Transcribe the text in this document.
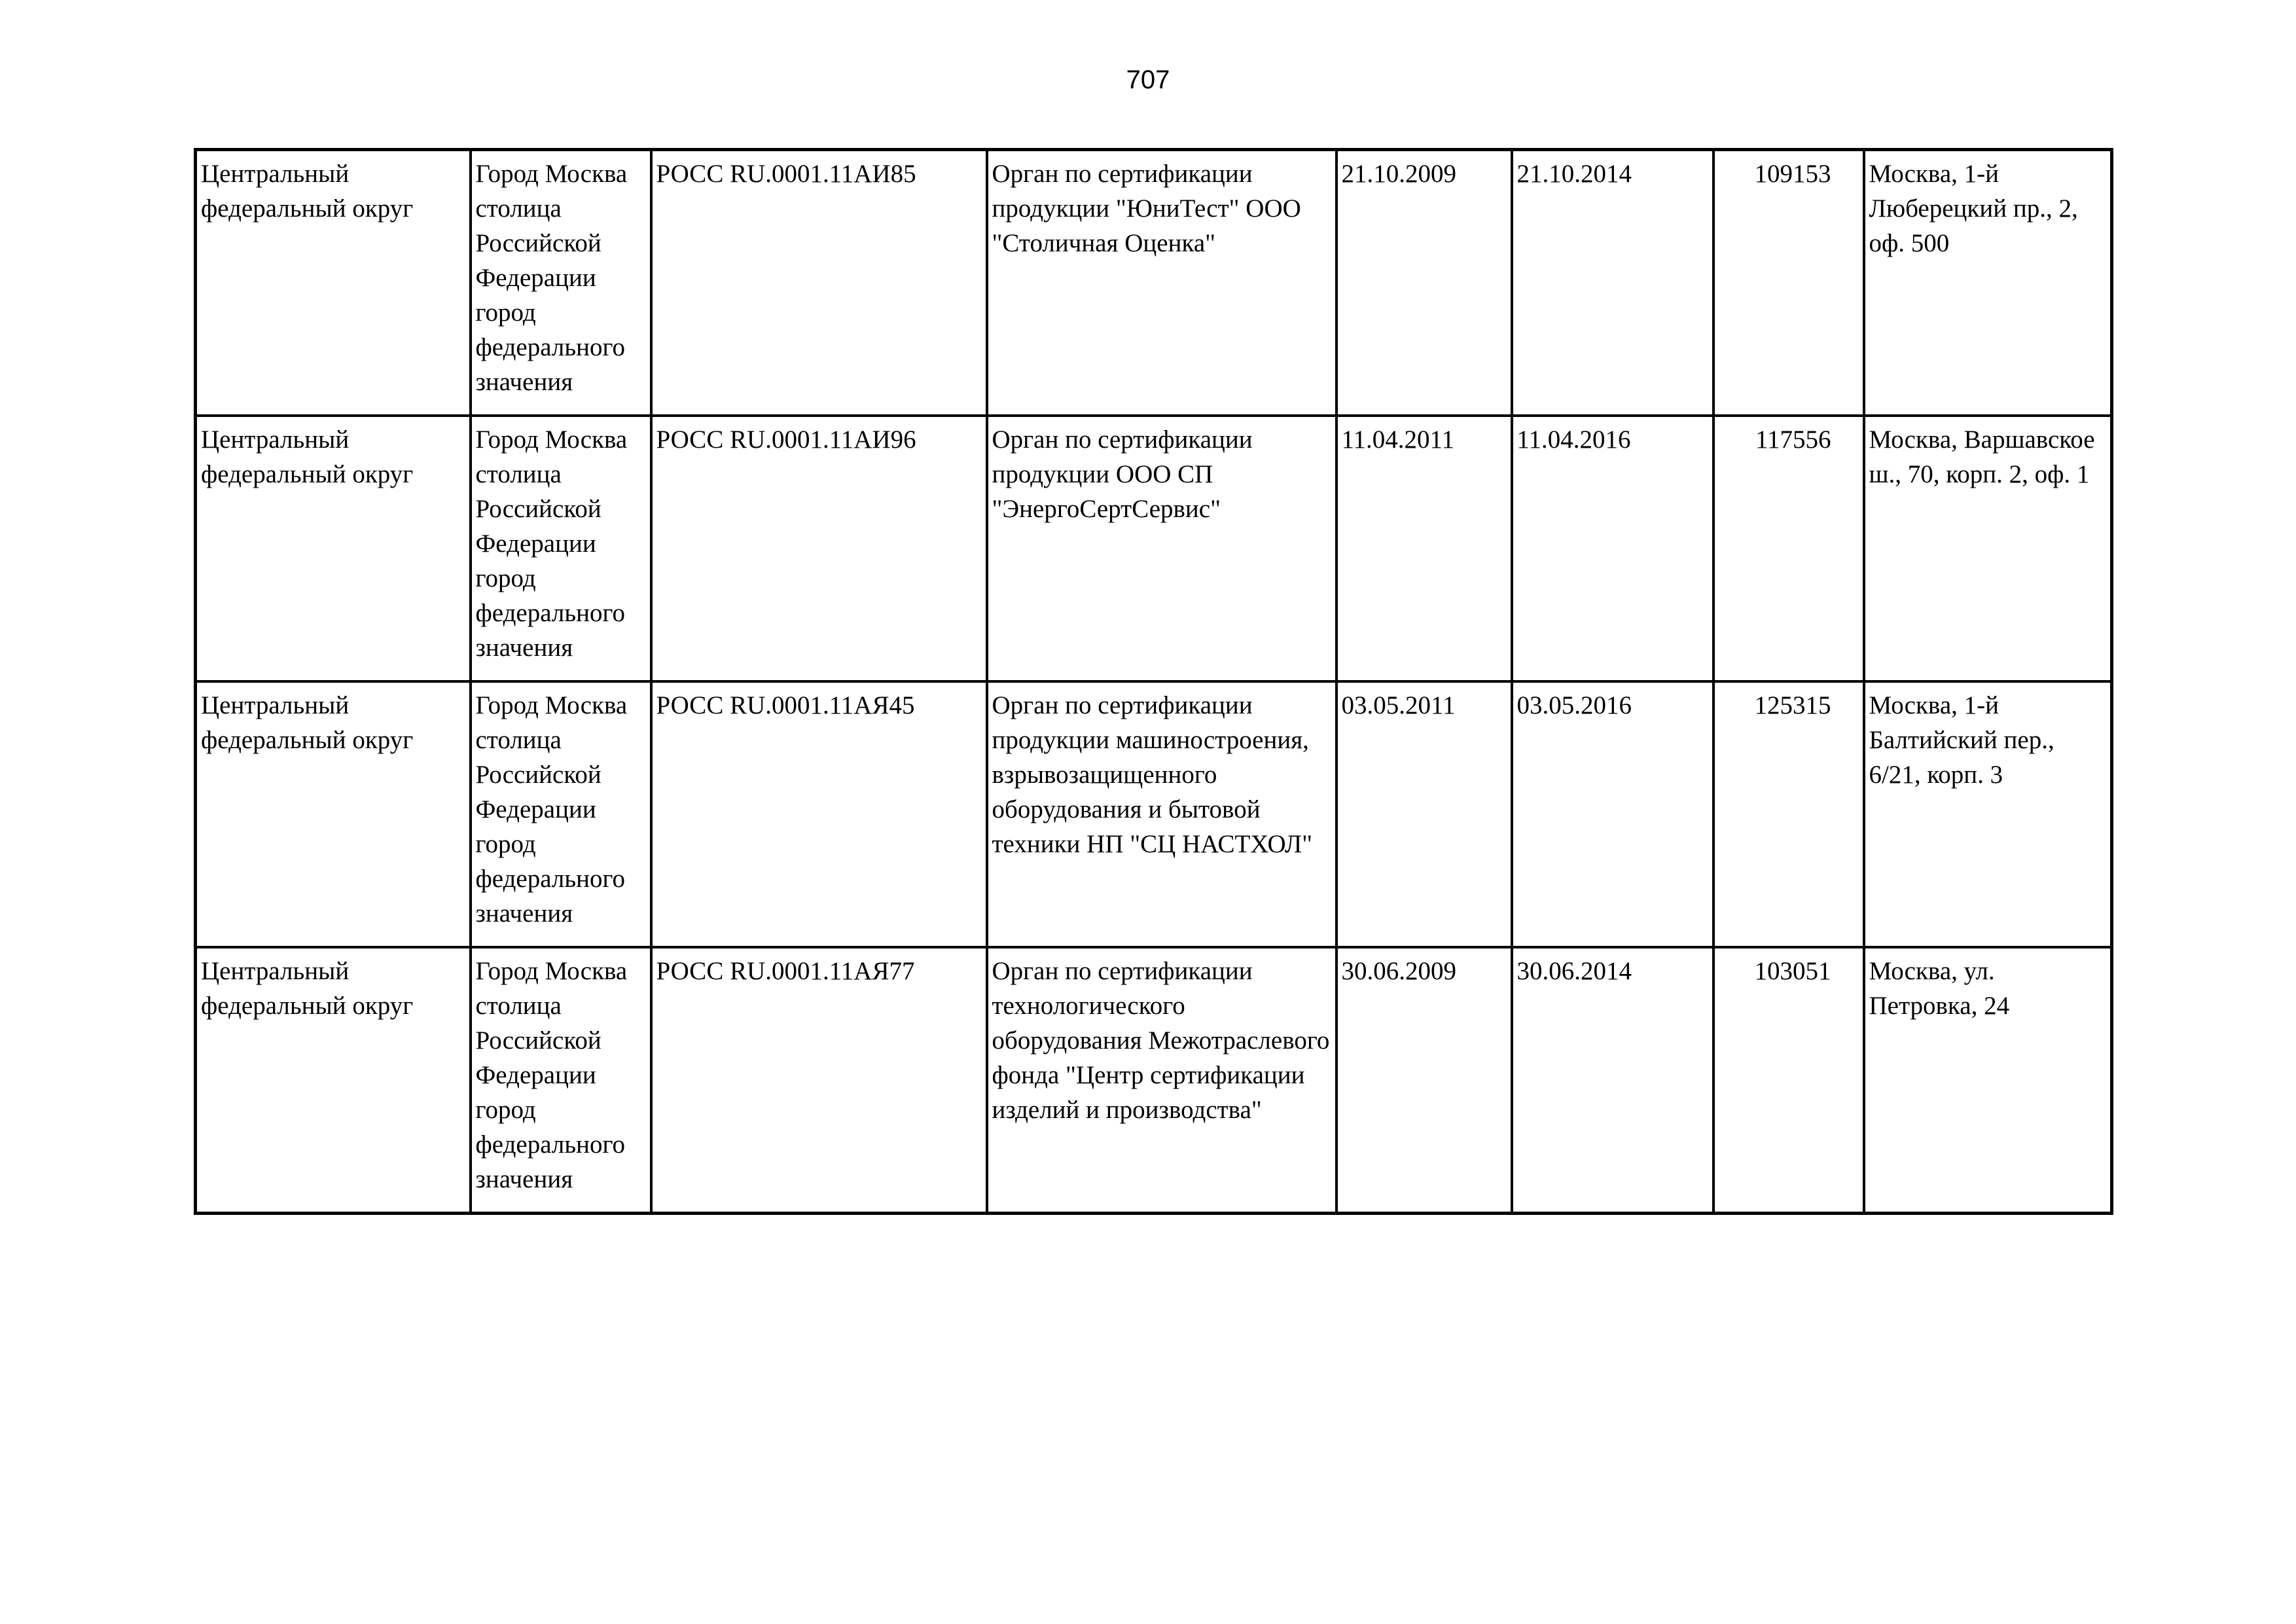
707
Центральный федеральный округ	Город Москва столица Российской Федерации город федерального значения	РОСС RU.0001.11АИ85	Орган по сертификации продукции "ЮниТест" ООО "Столичная Оценка"	21.10.2009	21.10.2014	109153	Москва, 1-й Люберецкий пр., 2, оф. 500

Центральный федеральный округ	Город Москва столица Российской Федерации город федерального значения	РОСС RU.0001.11АИ96	Орган по сертификации продукции ООО СП "ЭнергоСертСервис"	11.04.2011	11.04.2016	117556	Москва, Варшавское ш., 70, корп. 2, оф. 1

Центральный федеральный округ	Город Москва столица Российской Федерации город федерального значения	РОСС RU.0001.11АЯ45	Орган по сертификации продукции машиностроения, взрывозащищенного оборудования и бытовой техники НП "СЦ НАСТХОЛ"	03.05.2011	03.05.2016	125315	Москва, 1-й Балтийский пер., 6/21, корп. 3

Центральный федеральный округ	Город Москва столица Российской Федерации город федерального значения	РОСС RU.0001.11АЯ77	Орган по сертификации технологического оборудования Межотраслевого фонда "Центр сертификации изделий и производства"	30.06.2009	30.06.2014	103051	Москва, ул. Петровка, 24
